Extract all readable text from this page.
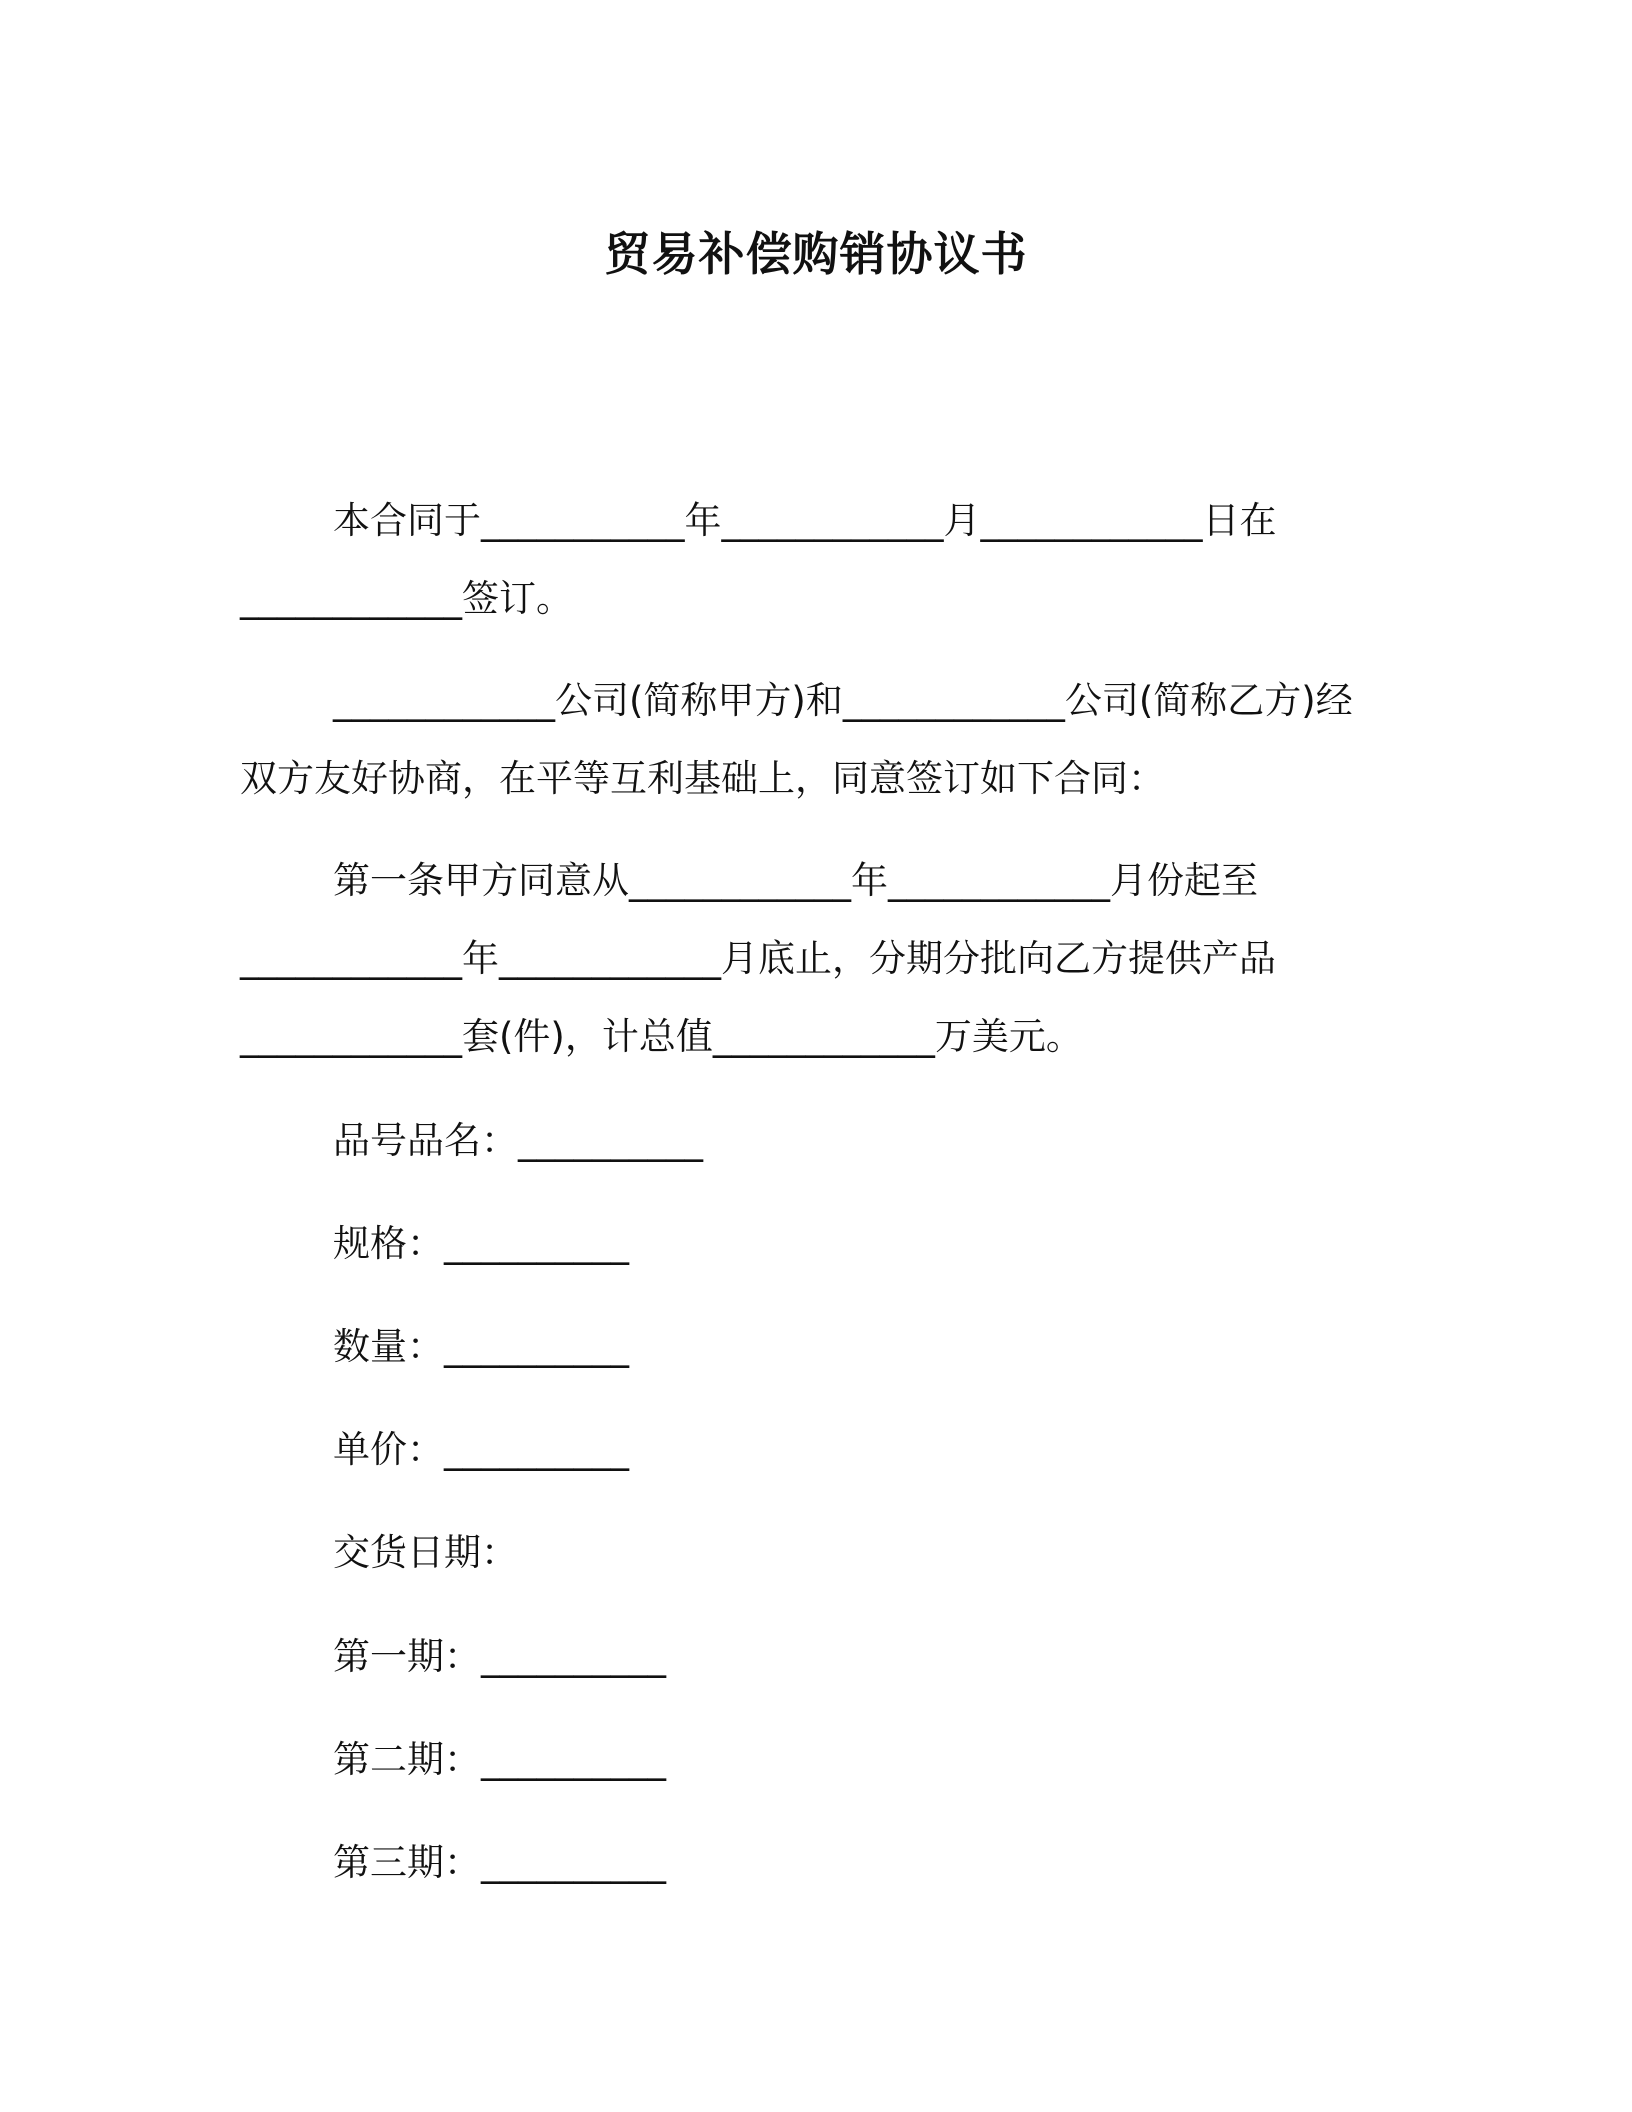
贸易补偿购销协议书

本合同于___________年____________月____________日在

____________签订。

____________公司(简称甲方)和____________公司(简称乙方)经

双方友好协商，在平等互利基础上，同意签订如下合同：

第一条甲方同意从____________年____________月份起至

____________年____________月底止，分期分批向乙方提供产品

____________套(件)，计总值____________万美元。

品号品名：__________

规格：__________

数量：__________

单价：__________

交货日期：

第一期：__________

第二期：__________

第三期：__________
